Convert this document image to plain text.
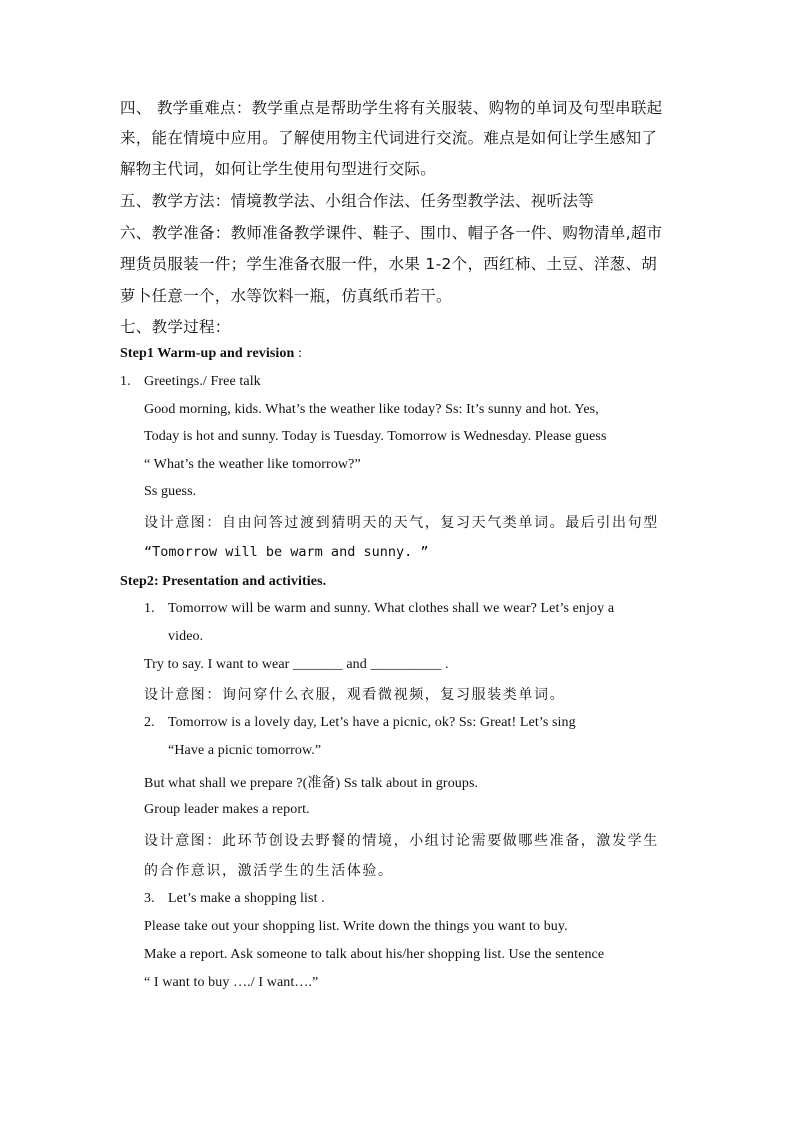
四、 教学重难点：教学重点是帮助学生将有关服装、购物的单词及句型串联起
来，能在情境中应用。了解使用物主代词进行交流。难点是如何让学生感知了
解物主代词，如何让学生使用句型进行交际。
五、教学方法：情境教学法、小组合作法、任务型教学法、视听法等
六、教学准备：教师准备教学课件、鞋子、围巾、帽子各一件、购物清单,超市
理货员服装一件；学生准备衣服一件，水果 1-2个，西红柿、土豆、洋葱、胡
萝卜任意一个，水等饮料一瓶，仿真纸币若干。
七、教学过程：
Step1 Warm-up and revision :
1. Greetings./ Free talk
Good morning, kids. What’s the weather like today? Ss: It’s sunny and hot. Yes,
Today is hot and sunny. Today is Tuesday. Tomorrow is Wednesday. Please guess
“ What’s the weather like tomorrow?”
Ss guess.
设计意图：自由问答过渡到猜明天的天气，复习天气类单词。最后引出句型
“Tomorrow will be warm and sunny. ”
Step2: Presentation and activities.
1. Tomorrow will be warm and sunny. What clothes shall we wear? Let’s enjoy a
video.
Try to say. I want to wear _______ and __________ .
设计意图：询问穿什么衣服，观看微视频，复习服装类单词。
2. Tomorrow is a lovely day, Let’s have a picnic, ok? Ss: Great! Let’s sing
“Have a picnic tomorrow.”
But what shall we prepare ?(准备) Ss talk about in groups.
Group leader makes a report.
设计意图：此环节创设去野餐的情境，小组讨论需要做哪些准备，激发学生
的合作意识，激活学生的生活体验。
3. Let’s make a shopping list .
Please take out your shopping list. Write down the things you want to buy.
Make a report. Ask someone to talk about his/her shopping list. Use the sentence
“ I want to buy …./ I want….”
